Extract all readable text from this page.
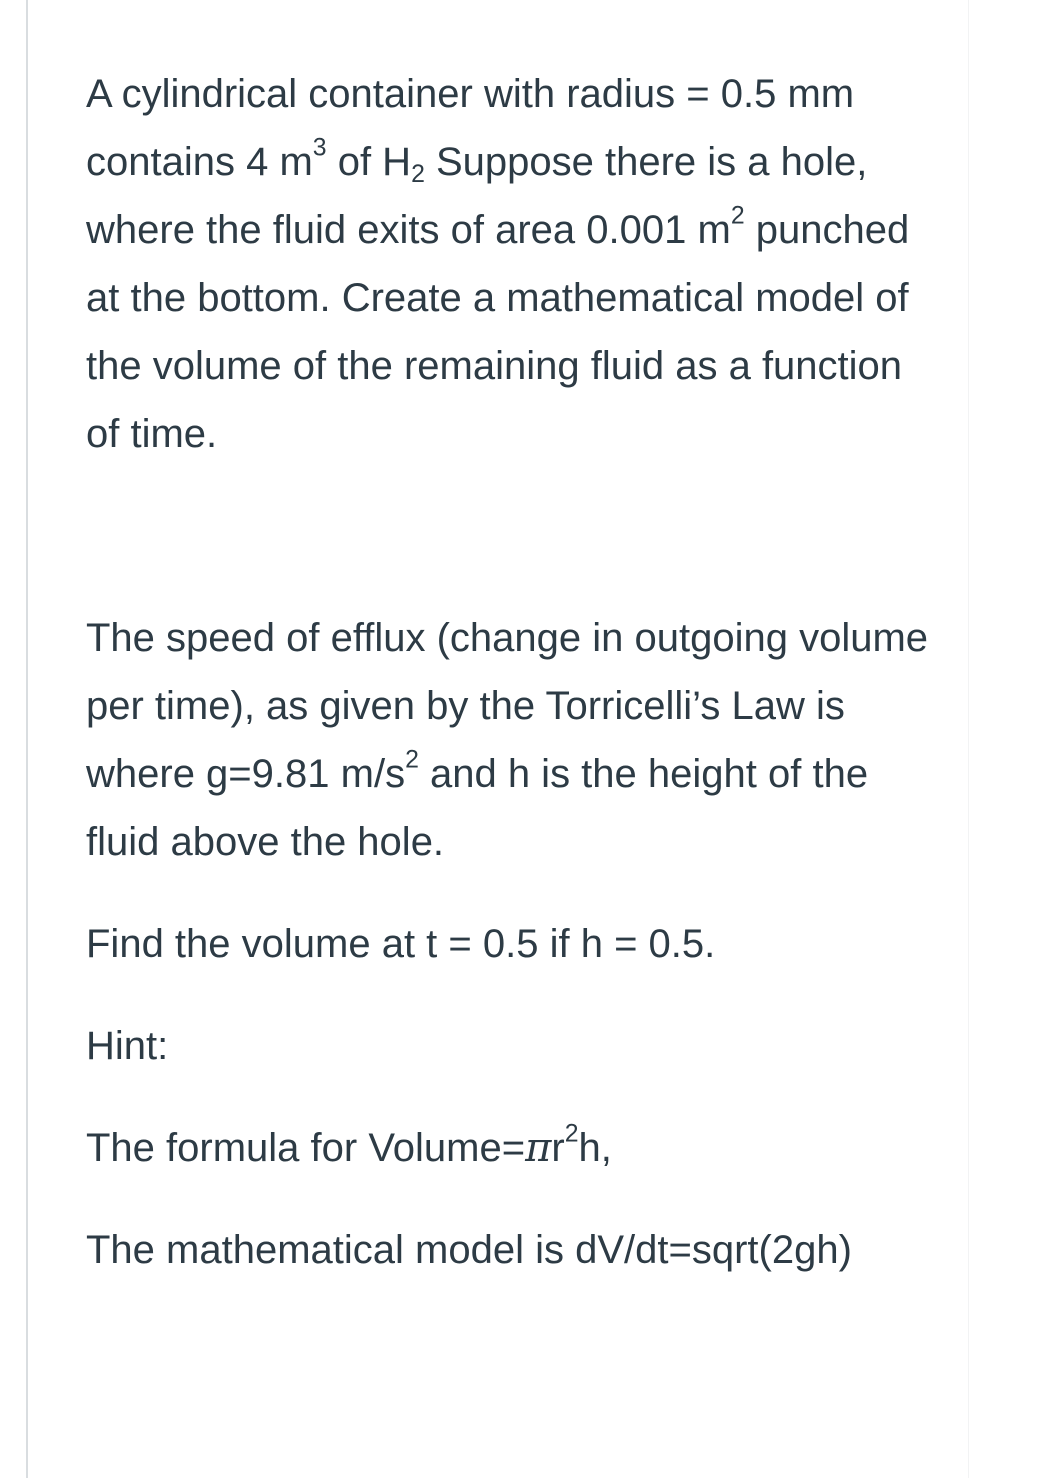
A cylindrical container with radius = 0.5 mm contains 4 $m^3$ of $H_2$ Suppose there is a hole, where the fluid exits of area 0.001 $m^2$ punched at the bottom. Create a mathematical model of the volume of the remaining fluid as a function of time.

The speed of efflux (change in outgoing volume per time), as given by the Torricelli’s Law is where g=9.81 $m/s^2$ and h is the height of the fluid above the hole.

Find the volume at t = 0.5 if h = 0.5.

Hint:

The formula for $Volume=\pi r^2h$,

The mathematical model is dV/dt=sqrt(2gh)
